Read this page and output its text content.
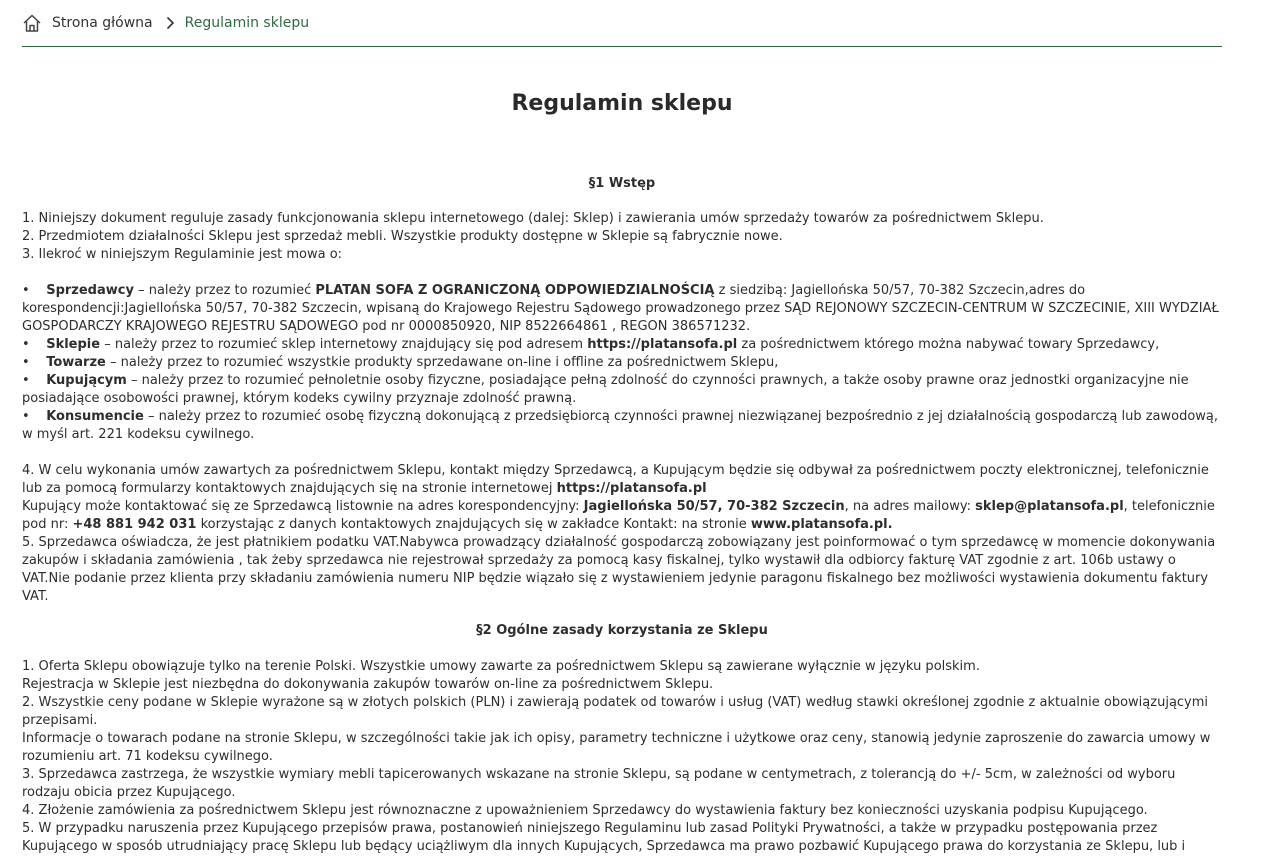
Strona główna Regulamin sklepu
Regulamin sklepu
§1 Wstęp

1. Niniejszy dokument reguluje zasady funkcjonowania sklepu internetowego (dalej: Sklep) i zawierania umów sprzedaży towarów za pośrednictwem Sklepu.

2. Przedmiotem działalności Sklepu jest sprzedaż mebli. Wszystkie produkty dostępne w Sklepie są fabrycznie nowe.

3. Ilekroć w niniejszym Regulaminie jest mowa o:

•    Sprzedawcy – należy przez to rozumieć PLATAN SOFA Z OGRANICZONĄ ODPOWIEDZIALNOŚCIĄ z siedzibą: Jagiellońska 50/57, 70-382 Szczecin,adres do korespondencji:Jagiellońska 50/57, 70-382 Szczecin, wpisaną do Krajowego Rejestru Sądowego prowadzonego przez SĄD REJONOWY SZCZECIN-CENTRUM W SZCZECINIE, XIII WYDZIAŁ GOSPODARCZY KRAJOWEGO REJESTRU SĄDOWEGO pod nr 0000850920, NIP 8522664861 , REGON 386571232.

•    Sklepie – należy przez to rozumieć sklep internetowy znajdujący się pod adresem https://platansofa.pl za pośrednictwem którego można nabywać towary Sprzedawcy,

•    Towarze – należy przez to rozumieć wszystkie produkty sprzedawane on-line i offline za pośrednictwem Sklepu,

•    Kupującym – należy przez to rozumieć pełnoletnie osoby fizyczne, posiadające pełną zdolność do czynności prawnych, a także osoby prawne oraz jednostki organizacyjne nie posiadające osobowości prawnej, którym kodeks cywilny przyznaje zdolność prawną.

•    Konsumencie – należy przez to rozumieć osobę fizyczną dokonującą z przedsiębiorcą czynności prawnej niezwiązanej bezpośrednio z jej działalnością gospodarczą lub zawodową, w myśl art. 221 kodeksu cywilnego.

4. W celu wykonania umów zawartych za pośrednictwem Sklepu, kontakt między Sprzedawcą, a Kupującym będzie się odbywał za pośrednictwem poczty elektronicznej, telefonicznie lub za pomocą formularzy kontaktowych znajdujących się na stronie internetowej https://platansofa.pl

Kupujący może kontaktować się ze Sprzedawcą listownie na adres korespondencyjny: Jagiellońska 50/57, 70-382 Szczecin, na adres mailowy: sklep@platansofa.pl, telefonicznie pod nr: +48 881 942 031 korzystając z danych kontaktowych znajdujących się w zakładce Kontakt: na stronie www.platansofa.pl.

5. Sprzedawca oświadcza, że jest płatnikiem podatku VAT.Nabywca prowadzący działalność gospodarczą zobowiązany jest poinformować o tym sprzedawcę w momencie dokonywania zakupów i składania zamówienia , tak żeby sprzedawca nie rejestrował sprzedaży za pomocą kasy fiskalnej, tylko wystawił dla odbiorcy fakturę VAT zgodnie z art. 106b ustawy o VAT.Nie podanie przez klienta przy składaniu zamówienia numeru NIP będzie wiązało się z wystawieniem jedynie paragonu fiskalnego bez możliwości wystawienia dokumentu faktury VAT.

§2 Ogólne zasady korzystania ze Sklepu

1. Oferta Sklepu obowiązuje tylko na terenie Polski. Wszystkie umowy zawarte za pośrednictwem Sklepu są zawierane wyłącznie w języku polskim.

Rejestracja w Sklepie jest niezbędna do dokonywania zakupów towarów on-line za pośrednictwem Sklepu.

2. Wszystkie ceny podane w Sklepie wyrażone są w złotych polskich (PLN) i zawierają podatek od towarów i usług (VAT) według stawki określonej zgodnie z aktualnie obowiązującymi przepisami.

Informacje o towarach podane na stronie Sklepu, w szczególności takie jak ich opisy, parametry techniczne i użytkowe oraz ceny, stanowią jedynie zaproszenie do zawarcia umowy w rozumieniu art. 71 kodeksu cywilnego.

3. Sprzedawca zastrzega, że wszystkie wymiary mebli tapicerowanych wskazane na stronie Sklepu, są podane w centymetrach, z tolerancją do +/- 5cm, w zależności od wyboru rodzaju obicia przez Kupującego.

4. Złożenie zamówienia za pośrednictwem Sklepu jest równoznaczne z upoważnieniem Sprzedawcy do wystawienia faktury bez konieczności uzyskania podpisu Kupującego.

5. W przypadku naruszenia przez Kupującego przepisów prawa, postanowień niniejszego Regulaminu lub zasad Polityki Prywatności, a także w przypadku postępowania przez Kupującego w sposób utrudniający pracę Sklepu lub będący uciążliwym dla innych Kupujących, Sprzedawca ma prawo pozbawić Kupującego prawa do korzystania ze Sklepu, lub i
